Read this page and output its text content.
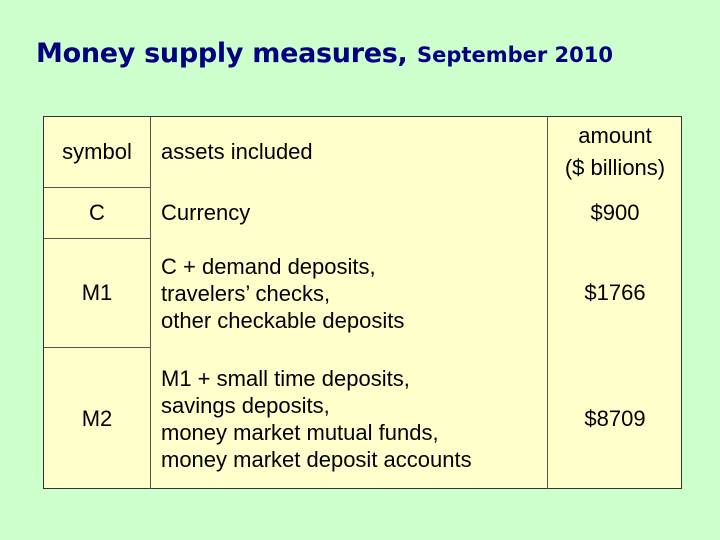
Money supply measures, September 2010
symbol assets included
amount
($ billions)
C	Currency	$900
M1
C + demand deposits,
travelers’ checks,
other checkable deposits
$1766
M2
M1 + small time deposits,
savings deposits,
money market mutual funds,
money market deposit accounts
$8709
